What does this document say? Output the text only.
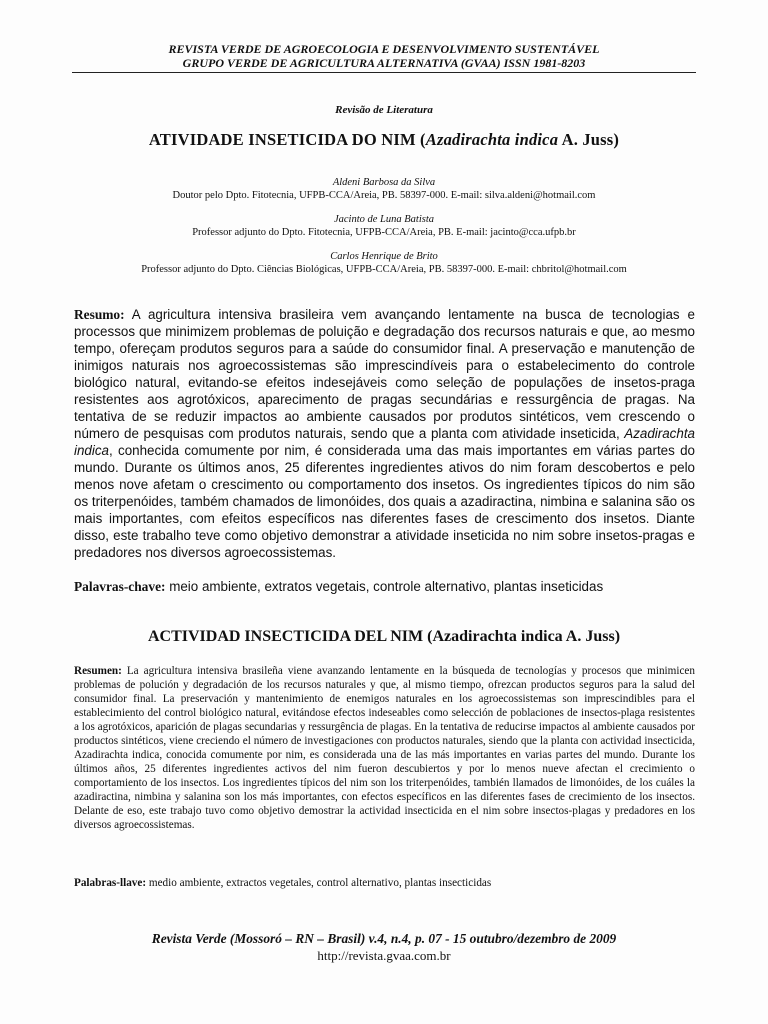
REVISTA VERDE DE AGROECOLOGIA E DESENVOLVIMENTO SUSTENTÁVEL
GRUPO VERDE DE AGRICULTURA ALTERNATIVA (GVAA) ISSN 1981-8203
Revisão de Literatura
ATIVIDADE INSETICIDA DO NIM (Azadirachta indica A. Juss)
Aldeni Barbosa da Silva
Doutor pelo Dpto. Fitotecnia, UFPB-CCA/Areia, PB. 58397-000. E-mail: silva.aldeni@hotmail.com
Jacinto de Luna Batista
Professor adjunto do Dpto. Fitotecnia, UFPB-CCA/Areia, PB. E-mail: jacinto@cca.ufpb.br
Carlos Henrique de Brito
Professor adjunto do Dpto. Ciências Biológicas, UFPB-CCA/Areia, PB. 58397-000. E-mail: chbritol@hotmail.com
Resumo: A agricultura intensiva brasileira vem avançando lentamente na busca de tecnologias e processos que minimizem problemas de poluição e degradação dos recursos naturais e que, ao mesmo tempo, ofereçam produtos seguros para a saúde do consumidor final. A preservação e manutenção de inimigos naturais nos agroecossistemas são imprescindíveis para o estabelecimento do controle biológico natural, evitando-se efeitos indesejáveis como seleção de populações de insetos-praga resistentes aos agrotóxicos, aparecimento de pragas secundárias e ressurgência de pragas. Na tentativa de se reduzir impactos ao ambiente causados por produtos sintéticos, vem crescendo o número de pesquisas com produtos naturais, sendo que a planta com atividade inseticida, Azadirachta indica, conhecida comumente por nim, é considerada uma das mais importantes em várias partes do mundo. Durante os últimos anos, 25 diferentes ingredientes ativos do nim foram descobertos e pelo menos nove afetam o crescimento ou comportamento dos insetos. Os ingredientes típicos do nim são os triterpenóides, também chamados de limonóides, dos quais a azadiractina, nimbina e salanina são os mais importantes, com efeitos específicos nas diferentes fases de crescimento dos insetos. Diante disso, este trabalho teve como objetivo demonstrar a atividade inseticida no nim sobre insetos-pragas e predadores nos diversos agroecossistemas.
Palavras-chave: meio ambiente, extratos vegetais, controle alternativo, plantas inseticidas
ACTIVIDAD INSECTICIDA DEL NIM (Azadirachta indica A. Juss)
Resumen: La agricultura intensiva brasileña viene avanzando lentamente en la búsqueda de tecnologías y procesos que minimicen problemas de polución y degradación de los recursos naturales y que, al mismo tiempo, ofrezcan productos seguros para la salud del consumidor final. La preservación y mantenimiento de enemigos naturales en los agroecossistemas son imprescindibles para el establecimiento del control biológico natural, evitándose efectos indeseables como selección de poblaciones de insectos-plaga resistentes a los agrotóxicos, aparición de plagas secundarias y ressurgência de plagas. En la tentativa de reducirse impactos al ambiente causados por productos sintéticos, viene creciendo el número de investigaciones con productos naturales, siendo que la planta con actividad insecticida, Azadirachta indica, conocida comumente por nim, es considerada una de las más importantes en varias partes del mundo. Durante los últimos años, 25 diferentes ingredientes activos del nim fueron descubiertos y por lo menos nueve afectan el crecimiento o comportamiento de los insectos. Los ingredientes típicos del nim son los triterpenóides, también llamados de limonóides, de los cuáles la azadiractina, nimbina y salanina son los más importantes, con efectos específicos en las diferentes fases de crecimiento de los insectos. Delante de eso, este trabajo tuvo como objetivo demostrar la actividad insecticida en el nim sobre insectos-plagas y predadores en los diversos agroecossistemas.
Palabras-llave: medio ambiente, extractos vegetales, control alternativo, plantas insecticidas
Revista Verde (Mossoró – RN – Brasil) v.4, n.4, p. 07 - 15 outubro/dezembro de 2009
http://revista.gvaa.com.br
